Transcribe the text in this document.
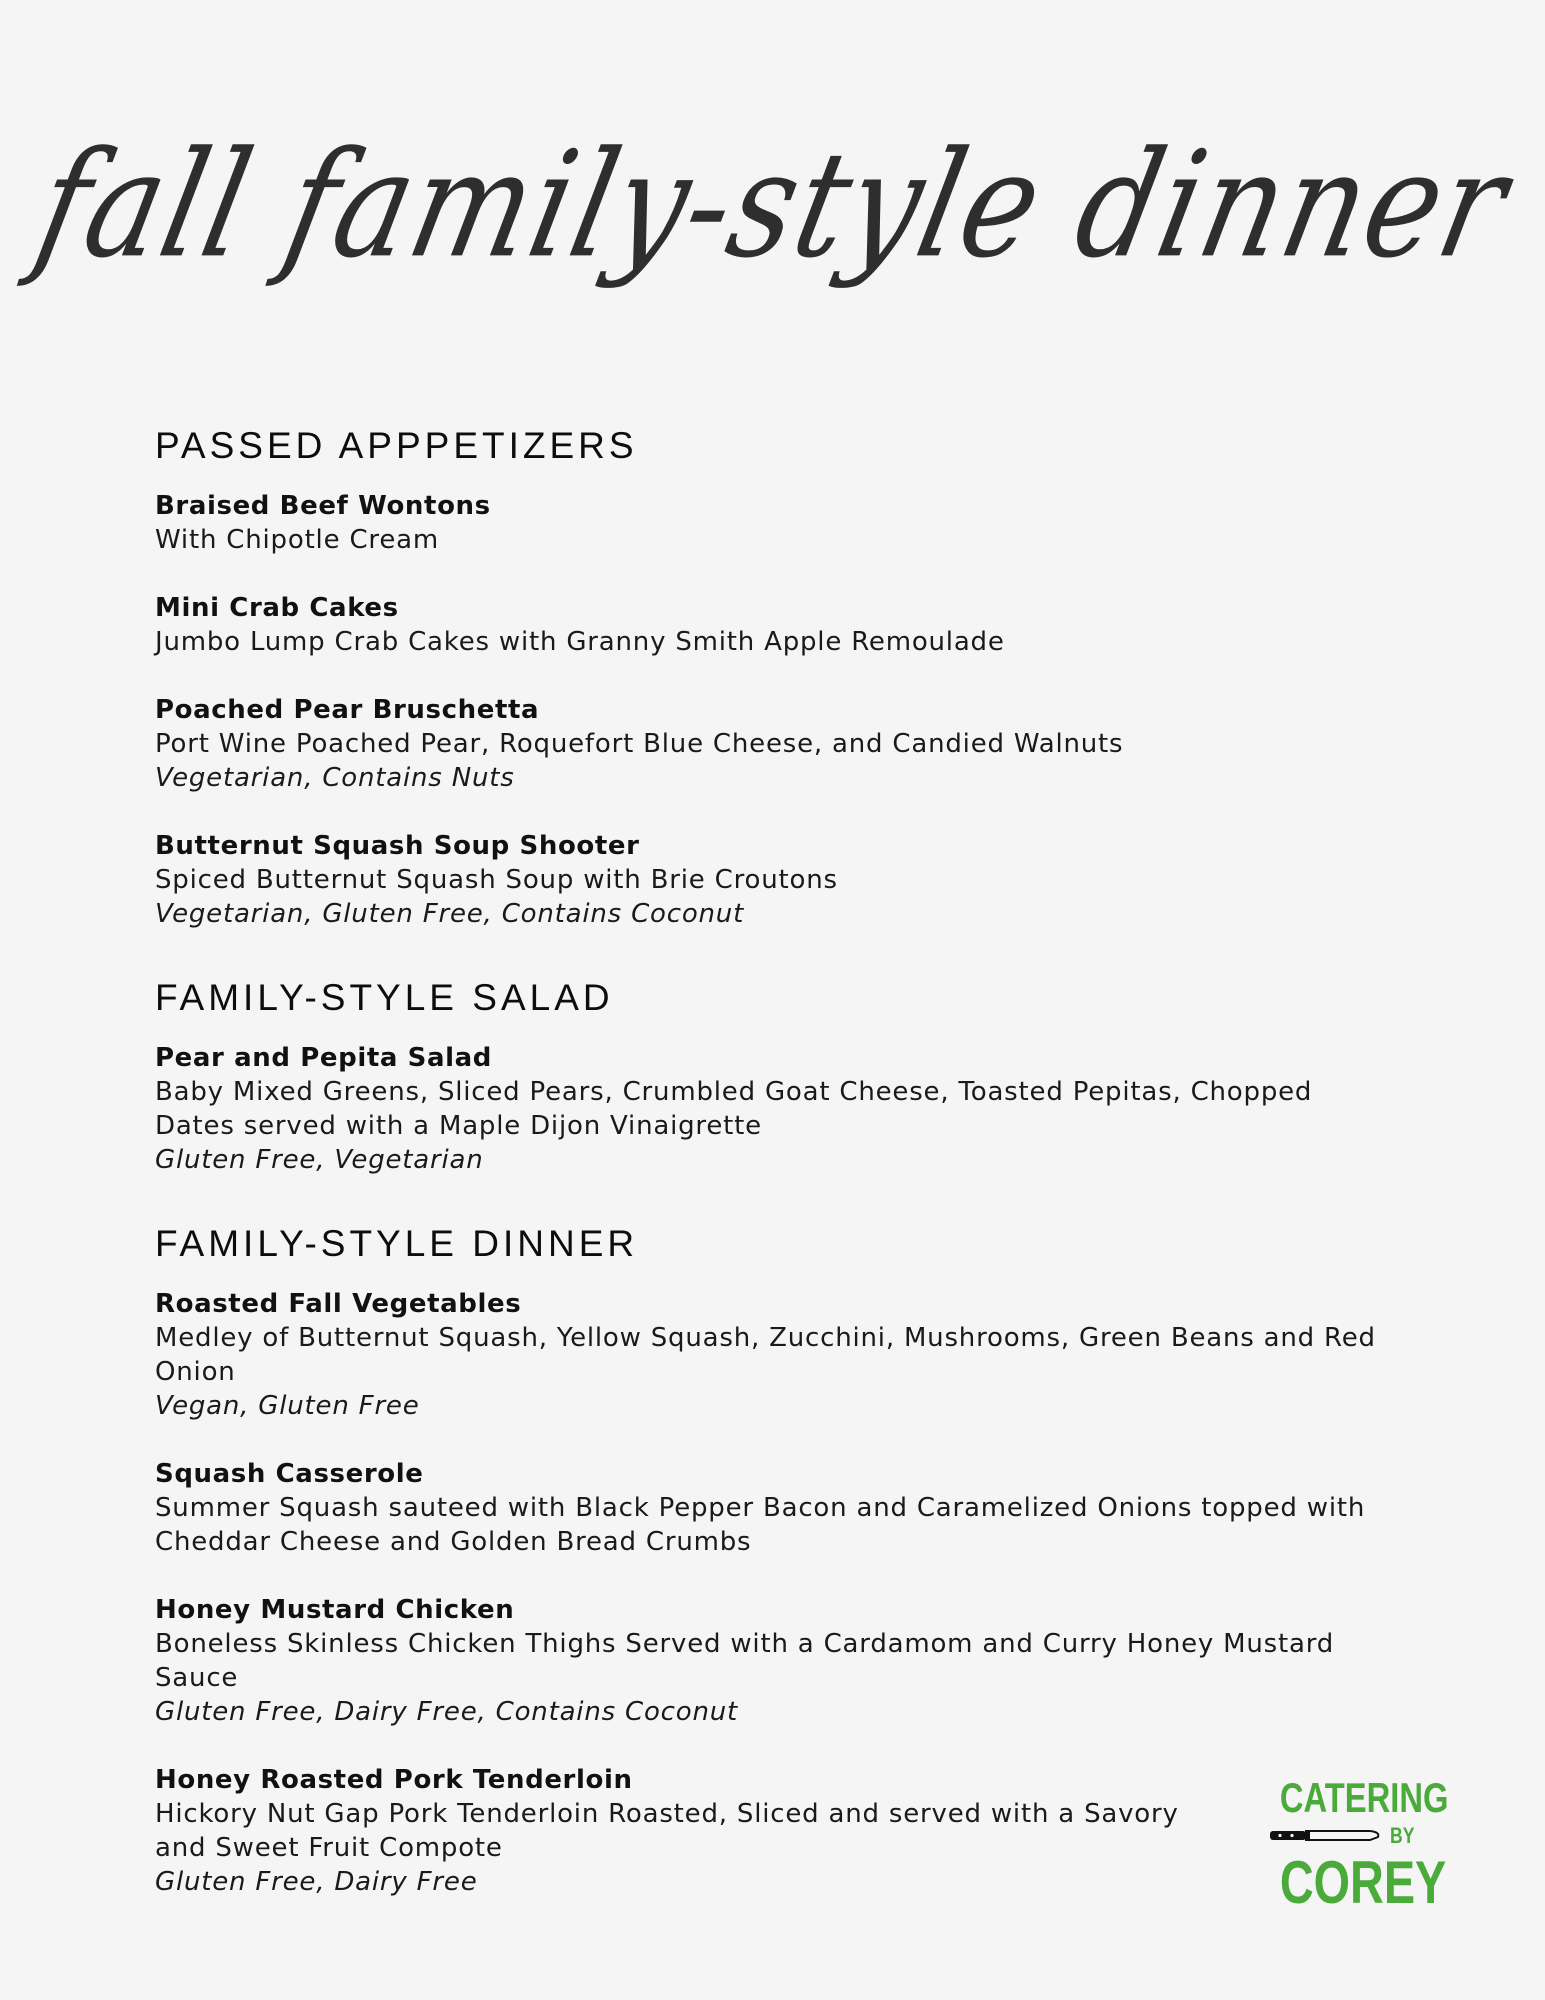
fall family-style dinner
PASSED APPPETIZERS
Braised Beef Wontons
With Chipotle Cream
Mini Crab Cakes
Jumbo Lump Crab Cakes with Granny Smith Apple Remoulade
Poached Pear Bruschetta
Port Wine Poached Pear, Roquefort Blue Cheese, and Candied Walnuts
Vegetarian, Contains Nuts
Butternut Squash Soup Shooter
Spiced Butternut Squash Soup with Brie Croutons
Vegetarian, Gluten Free, Contains Coconut
FAMILY-STYLE SALAD
Pear and Pepita Salad
Baby Mixed Greens, Sliced Pears, Crumbled Goat Cheese, Toasted Pepitas, Chopped Dates served with a Maple Dijon Vinaigrette
Gluten Free, Vegetarian
FAMILY-STYLE DINNER
Roasted Fall Vegetables
Medley of Butternut Squash, Yellow Squash, Zucchini, Mushrooms, Green Beans and Red Onion
Vegan, Gluten Free
Squash Casserole
Summer Squash sauteed with Black Pepper Bacon and Caramelized Onions topped with Cheddar Cheese and Golden Bread Crumbs
Honey Mustard Chicken
Boneless Skinless Chicken Thighs Served with a Cardamom and Curry Honey Mustard Sauce
Gluten Free, Dairy Free, Contains Coconut
Honey Roasted Pork Tenderloin
Hickory Nut Gap Pork Tenderloin Roasted, Sliced and served with a Savory and Sweet Fruit Compote
Gluten Free, Dairy Free
CATERING
BY
COREY
